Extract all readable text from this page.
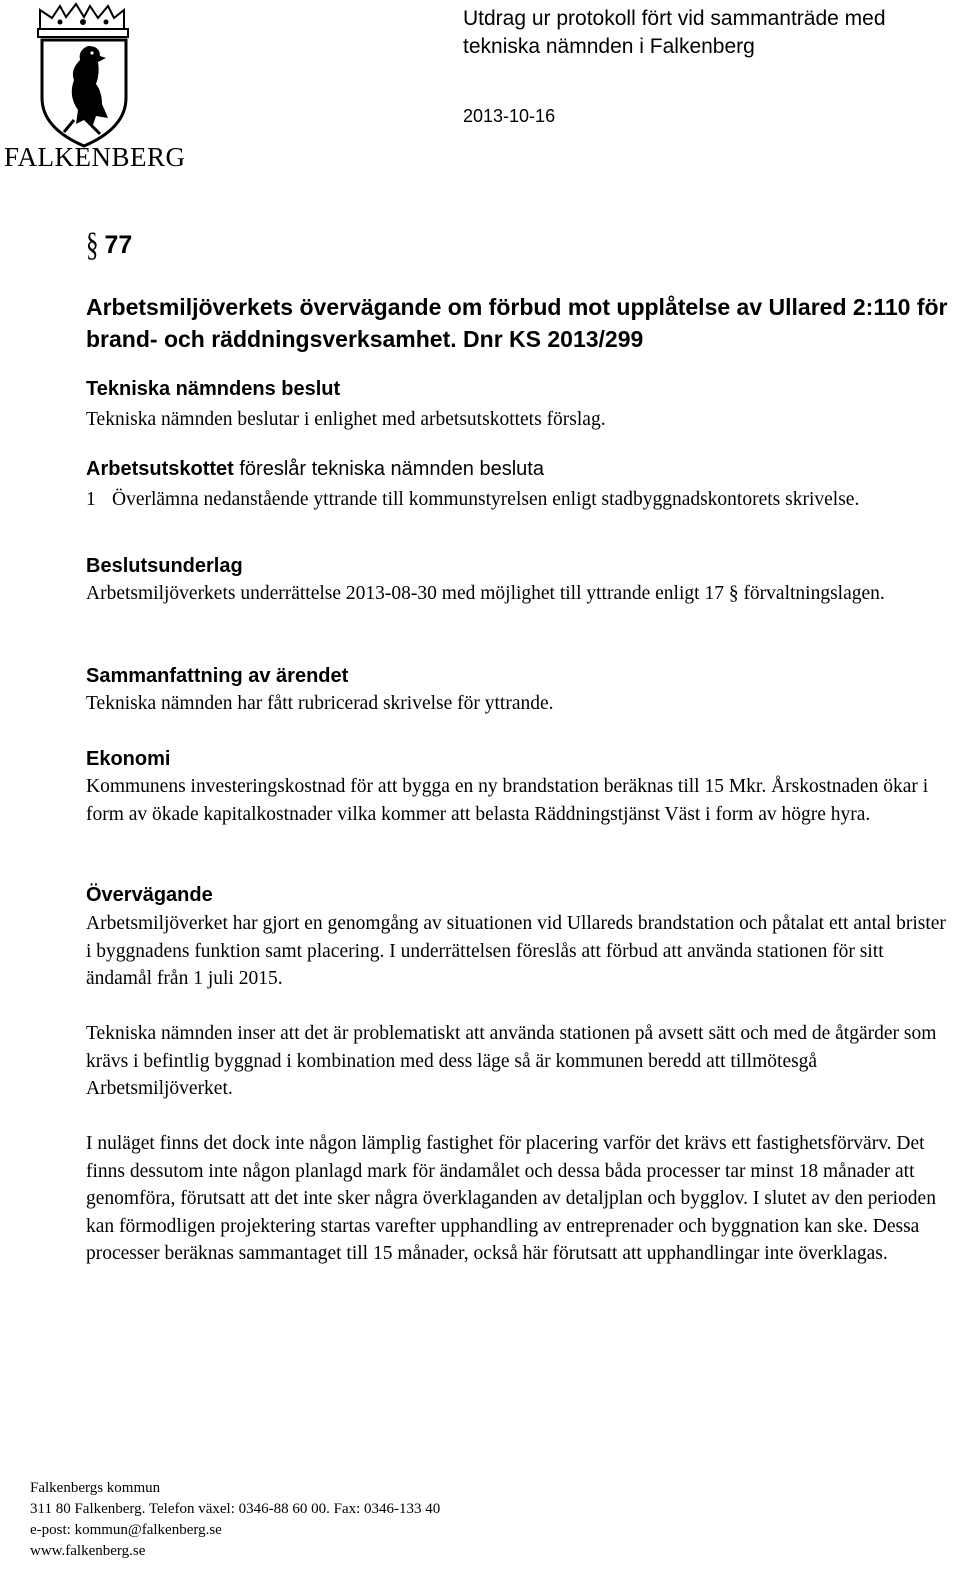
FALKENBERG
Utdrag ur protokoll fört vid sammanträde med tekniska nämnden i Falkenberg
2013-10-16
§ 77
Arbetsmiljöverkets övervägande om förbud mot upplåtelse av Ullared 2:110 för brand- och räddningsverksamhet. Dnr KS 2013/299
Tekniska nämndens beslut
Tekniska nämnden beslutar i enlighet med arbetsutskottets förslag.
Arbetsutskottet föreslår tekniska nämnden besluta
1 Överlämna nedanstående yttrande till kommunstyrelsen enligt stadbyggnadskontorets skrivelse.
Beslutsunderlag
Arbetsmiljöverkets underrättelse 2013-08-30 med möjlighet till yttrande enligt 17 § förvaltningslagen.
Sammanfattning av ärendet
Tekniska nämnden har fått rubricerad skrivelse för yttrande.
Ekonomi
Kommunens investeringskostnad för att bygga en ny brandstation beräknas till 15 Mkr. Årskostnaden ökar i form av ökade kapitalkostnader vilka kommer att belasta Räddningstjänst Väst i form av högre hyra.
Övervägande
Arbetsmiljöverket har gjort en genomgång av situationen vid Ullareds brandstation och påtalat ett antal brister i byggnadens funktion samt placering. I underrättelsen föreslås att förbud att använda stationen för sitt ändamål från 1 juli 2015.
Tekniska nämnden inser att det är problematiskt att använda stationen på avsett sätt och med de åtgärder som krävs i befintlig byggnad i kombination med dess läge så är kommunen beredd att tillmötesgå Arbetsmiljöverket.
I nuläget finns det dock inte någon lämplig fastighet för placering varför det krävs ett fastighetsförvärv. Det finns dessutom inte någon planlagd mark för ändamålet och dessa båda processer tar minst 18 månader att genomföra, förutsatt att det inte sker några överklaganden av detaljplan och bygglov. I slutet av den perioden kan förmodligen projektering startas varefter upphandling av entreprenader och byggnation kan ske. Dessa processer beräknas sammantaget till 15 månader, också här förutsatt att upphandlingar inte överklagas.
Falkenbergs kommun
311 80 Falkenberg. Telefon växel: 0346-88 60 00. Fax: 0346-133 40
e-post: kommun@falkenberg.se
www.falkenberg.se
